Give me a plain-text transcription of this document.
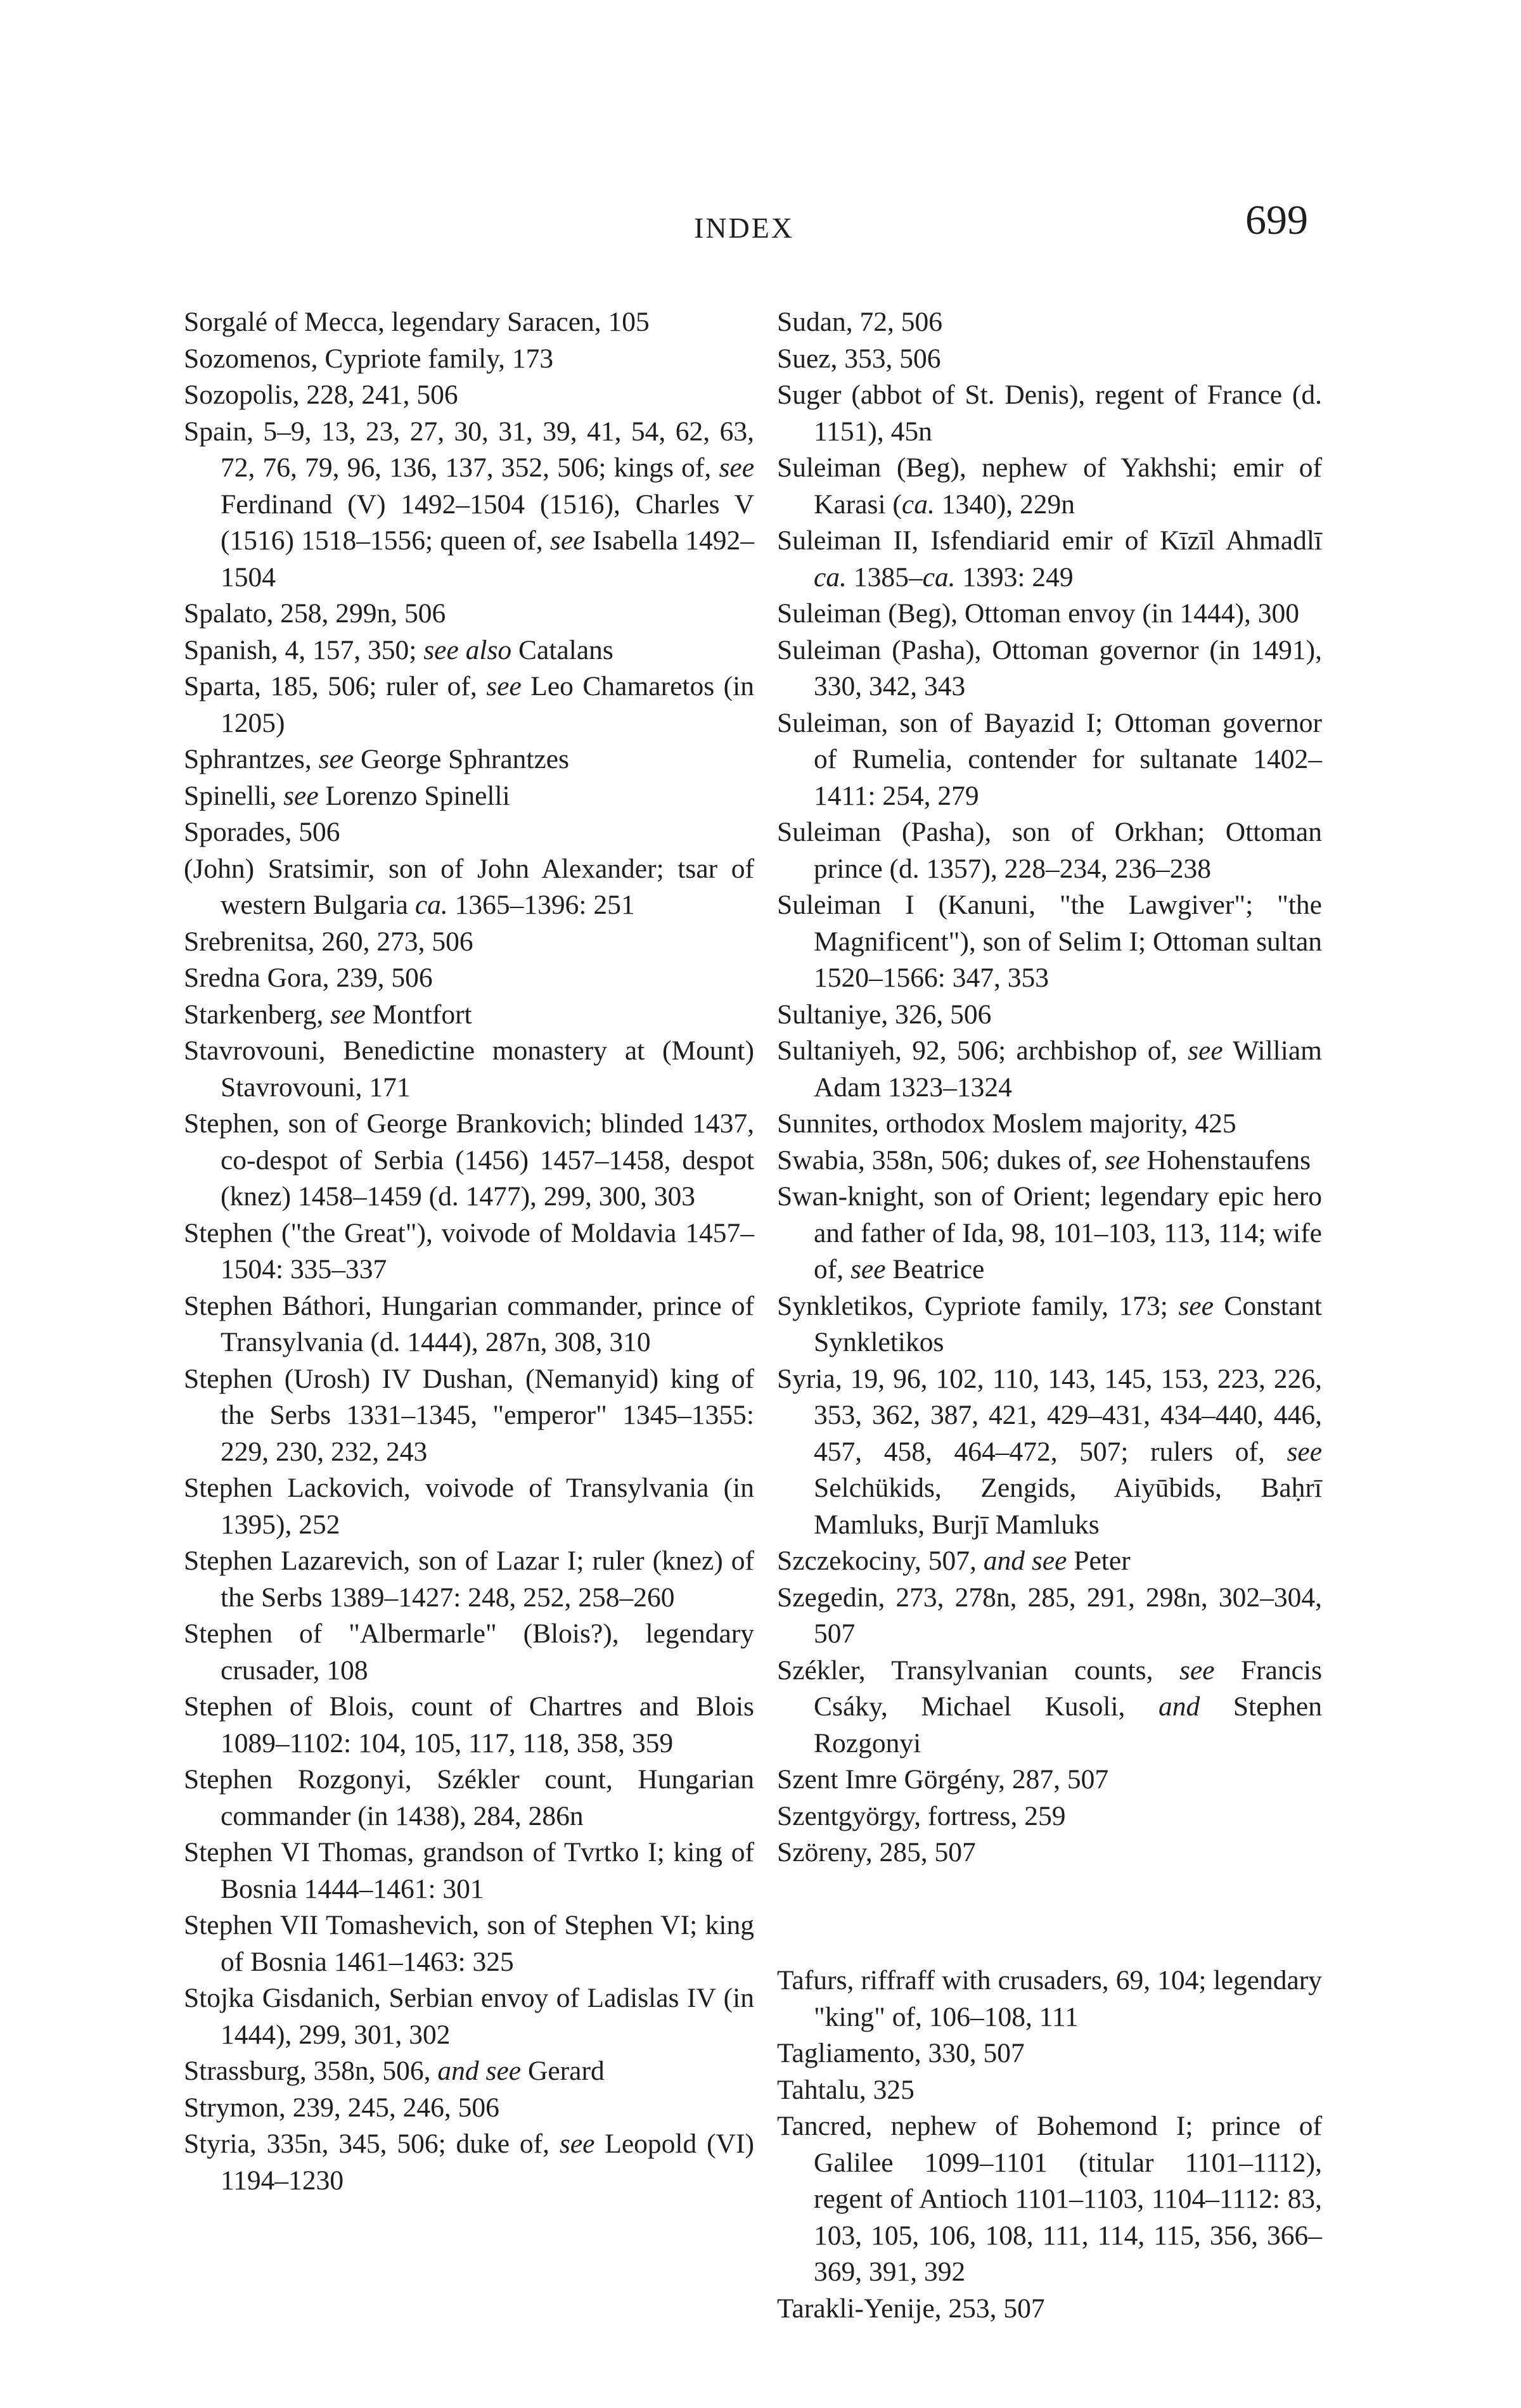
INDEX	699

Sorgalé of Mecca, legendary Saracen, 105

Sozomenos, Cypriote family, 173

Sozopolis, 228, 241, 506

Spain, 5–9, 13, 23, 27, 30, 31, 39, 41, 54, 62, 63, 72, 76, 79, 96, 136, 137, 352, 506; kings of, see Ferdinand (V) 1492–1504 (1516), Charles V (1516) 1518–1556; queen of, see Isabella 1492–1504

Spalato, 258, 299n, 506

Spanish, 4, 157, 350; see also Catalans

Sparta, 185, 506; ruler of, see Leo Chamaretos (in 1205)

Sphrantzes, see George Sphrantzes

Spinelli, see Lorenzo Spinelli

Sporades, 506

(John) Sratsimir, son of John Alexander; tsar of western Bulgaria ca. 1365–1396: 251

Srebrenitsa, 260, 273, 506

Sredna Gora, 239, 506

Starkenberg, see Montfort

Stavrovouni, Benedictine monastery at (Mount) Stavrovouni, 171

Stephen, son of George Brankovich; blinded 1437, co-despot of Serbia (1456) 1457–1458, despot (knez) 1458–1459 (d. 1477), 299, 300, 303

Stephen ("the Great"), voivode of Moldavia 1457–1504: 335–337

Stephen Báthori, Hungarian commander, prince of Transylvania (d. 1444), 287n, 308, 310

Stephen (Urosh) IV Dushan, (Nemanyid) king of the Serbs 1331–1345, "emperor" 1345–1355: 229, 230, 232, 243

Stephen Lackovich, voivode of Transylvania (in 1395), 252

Stephen Lazarevich, son of Lazar I; ruler (knez) of the Serbs 1389–1427: 248, 252, 258–260

Stephen of "Albermarle" (Blois?), legendary crusader, 108

Stephen of Blois, count of Chartres and Blois 1089–1102: 104, 105, 117, 118, 358, 359

Stephen Rozgonyi, Székler count, Hungarian commander (in 1438), 284, 286n

Stephen VI Thomas, grandson of Tvrtko I; king of Bosnia 1444–1461: 301

Stephen VII Tomashevich, son of Stephen VI; king of Bosnia 1461–1463: 325

Stojka Gisdanich, Serbian envoy of Ladislas IV (in 1444), 299, 301, 302

Strassburg, 358n, 506, and see Gerard

Strymon, 239, 245, 246, 506

Styria, 335n, 345, 506; duke of, see Leopold (VI) 1194–1230

Sudan, 72, 506

Suez, 353, 506

Suger (abbot of St. Denis), regent of France (d. 1151), 45n

Suleiman (Beg), nephew of Yakhshi; emir of Karasi (ca. 1340), 229n

Suleiman II, Isfendiarid emir of Kīzīl Ahmadlī ca. 1385–ca. 1393: 249

Suleiman (Beg), Ottoman envoy (in 1444), 300

Suleiman (Pasha), Ottoman governor (in 1491), 330, 342, 343

Suleiman, son of Bayazid I; Ottoman governor of Rumelia, contender for sultanate 1402–1411: 254, 279

Suleiman (Pasha), son of Orkhan; Ottoman prince (d. 1357), 228–234, 236–238

Suleiman I (Kanuni, "the Lawgiver"; "the Magnificent"), son of Selim I; Ottoman sultan 1520–1566: 347, 353

Sultaniye, 326, 506

Sultaniyeh, 92, 506; archbishop of, see William Adam 1323–1324

Sunnites, orthodox Moslem majority, 425

Swabia, 358n, 506; dukes of, see Hohenstaufens

Swan-knight, son of Orient; legendary epic hero and father of Ida, 98, 101–103, 113, 114; wife of, see Beatrice

Synkletikos, Cypriote family, 173; see Constant Synkletikos

Syria, 19, 96, 102, 110, 143, 145, 153, 223, 226, 353, 362, 387, 421, 429–431, 434–440, 446, 457, 458, 464–472, 507; rulers of, see Selchükids, Zengids, Aiyūbids, Baḥrī Mamluks, Burjī Mamluks

Szczekociny, 507, and see Peter

Szegedin, 273, 278n, 285, 291, 298n, 302–304, 507

Székler, Transylvanian counts, see Francis Csáky, Michael Kusoli, and Stephen Rozgonyi

Szent Imre Görgény, 287, 507

Szentgyörgy, fortress, 259

Szöreny, 285, 507

Tafurs, riffraff with crusaders, 69, 104; legendary "king" of, 106–108, 111

Tagliamento, 330, 507

Tahtalu, 325

Tancred, nephew of Bohemond I; prince of Galilee 1099–1101 (titular 1101–1112), regent of Antioch 1101–1103, 1104–1112: 83, 103, 105, 106, 108, 111, 114, 115, 356, 366–369, 391, 392

Tarakli-Yenije, 253, 507
